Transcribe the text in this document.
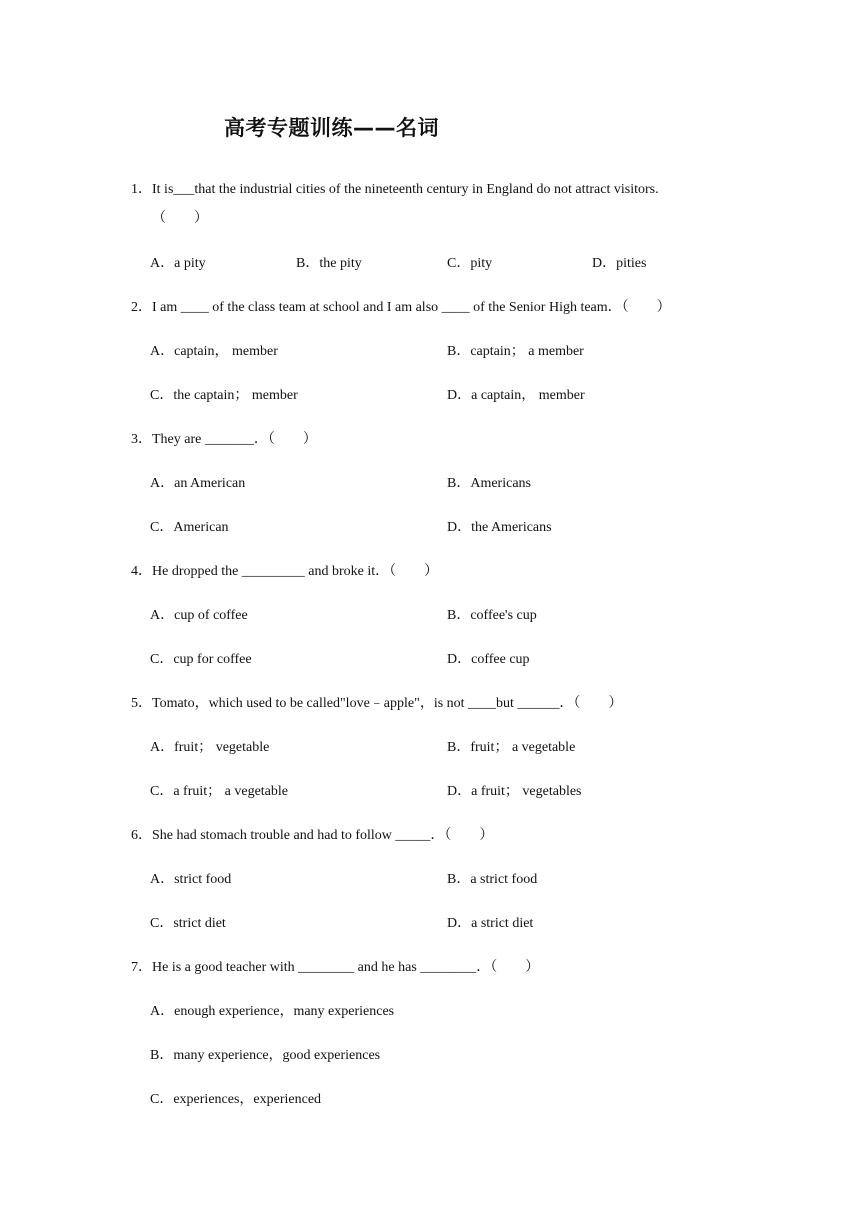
高考专题训练——名词
1．It is___that the industrial cities of the nineteenth century in England do not attract visitors.
（　　）
A．a pity	B．the pity	C．pity	D．pities
2．I am ____ of the class team at school and I am also ____ of the Senior High team．（　　）
A．captain， member	B．captain； a member
C．the captain； member	D．a captain， member
3．They are _______．（　　）
A．an American	B．Americans
C．American	D．the Americans
4．He dropped the _________ and broke it．（　　）
A．cup of coffee	B．coffee's cup
C．cup for coffee	D．coffee cup
5．Tomato，which used to be called"love﹣apple"，is not ____but ______．（　　）
A．fruit； vegetable	B．fruit； a vegetable
C．a fruit； a vegetable	D．a fruit； vegetables
6．She had stomach trouble and had to follow _____．（　　）
A．strict food	B．a strict food
C．strict diet	D．a strict diet
7．He is a good teacher with ________ and he has ________．（　　）
A．enough experience，many experiences
B．many experience，good experiences
C．experiences，experienced
